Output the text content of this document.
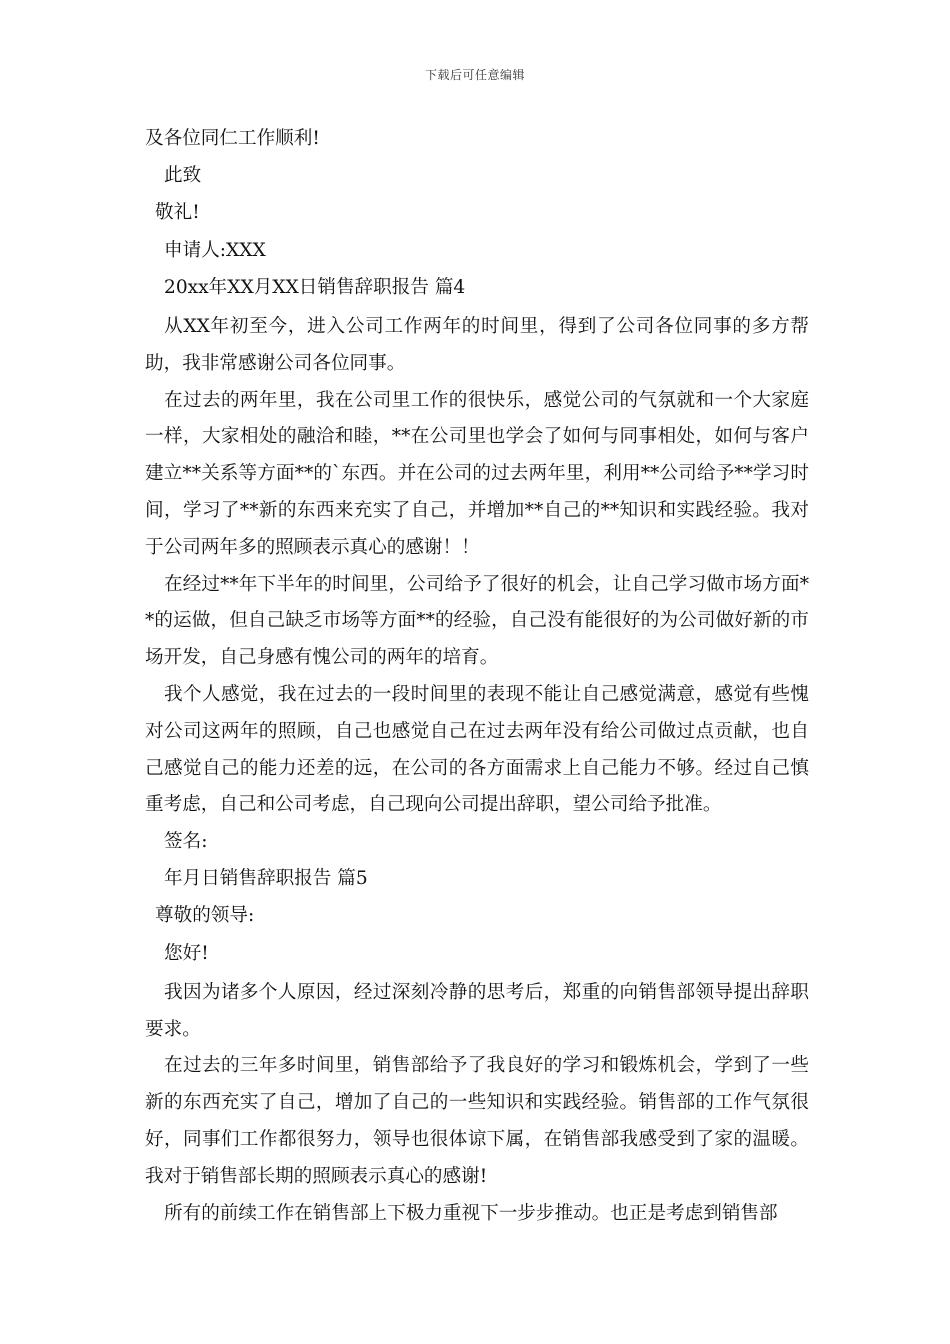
下载后可任意编辑
及各位同仁工作顺利!
此致
敬礼!
申请人:XXX
20xx年XX月XX日销售辞职报告 篇4

从XX年初至今，进入公司工作两年的时间里，得到了公司各位同事的多方帮助，我非常感谢公司各位同事。

在过去的两年里，我在公司里工作的很快乐，感觉公司的气氛就和一个大家庭一样，大家相处的融洽和睦，**在公司里也学会了如何与同事相处，如何与客户建立**关系等方面**的`东西。并在公司的过去两年里，利用**公司给予**学习时间，学习了**新的东西来充实了自己，并增加**自己的**知识和实践经验。我对于公司两年多的照顾表示真心的感谢！！

在经过**年下半年的时间里，公司给予了很好的机会，让自己学习做市场方面**的运做，但自己缺乏市场等方面**的经验，自己没有能很好的为公司做好新的市场开发，自己身感有愧公司的两年的培育。

我个人感觉，我在过去的一段时间里的表现不能让自己感觉满意，感觉有些愧对公司这两年的照顾，自己也感觉自己在过去两年没有给公司做过点贡献，也自己感觉自己的能力还差的远，在公司的各方面需求上自己能力不够。经过自己慎重考虑，自己和公司考虑，自己现向公司提出辞职，望公司给予批准。

签名:
年月日销售辞职报告 篇5
尊敬的领导:
您好!

我因为诸多个人原因，经过深刻冷静的思考后，郑重的向销售部领导提出辞职要求。

在过去的三年多时间里，销售部给予了我良好的学习和锻炼机会，学到了一些新的东西充实了自己，增加了自己的一些知识和实践经验。销售部的工作气氛很好，同事们工作都很努力，领导也很体谅下属，在销售部我感受到了家的温暖。我对于销售部长期的照顾表示真心的感谢!

所有的前续工作在销售部上下极力重视下一步步推动。也正是考虑到销售部
